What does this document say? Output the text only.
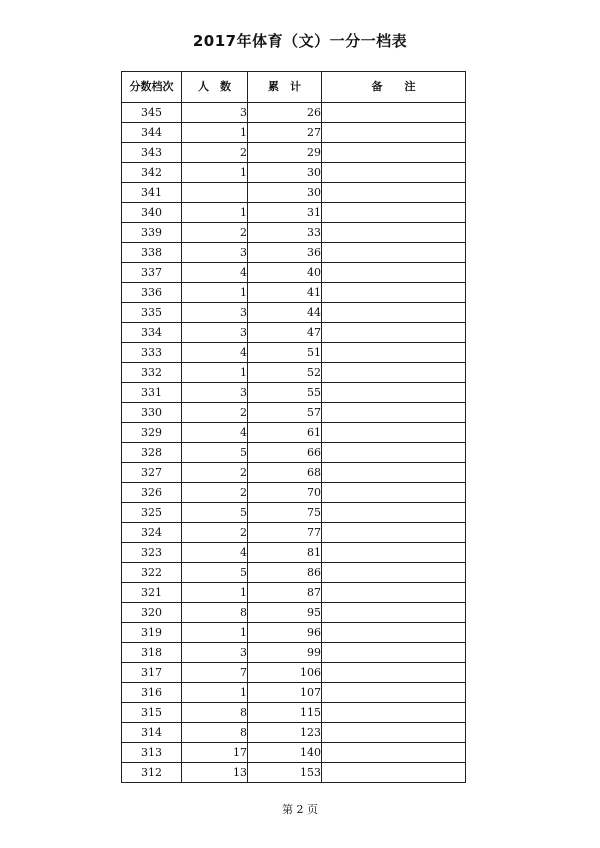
2017年体育（文）一分一档表
分数档次	人　数	累　计	备　　注
345	3	26	
344	1	27	
343	2	29	
342	1	30	
341		30	
340	1	31	
339	2	33	
338	3	36	
337	4	40	
336	1	41	
335	3	44	
334	3	47	
333	4	51	
332	1	52	
331	3	55	
330	2	57	
329	4	61	
328	5	66	
327	2	68	
326	2	70	
325	5	75	
324	2	77	
323	4	81	
322	5	86	
321	1	87	
320	8	95	
319	1	96	
318	3	99	
317	7	106	
316	1	107	
315	8	115	
314	8	123	
313	17	140	
312	13	153	
第 2 页
